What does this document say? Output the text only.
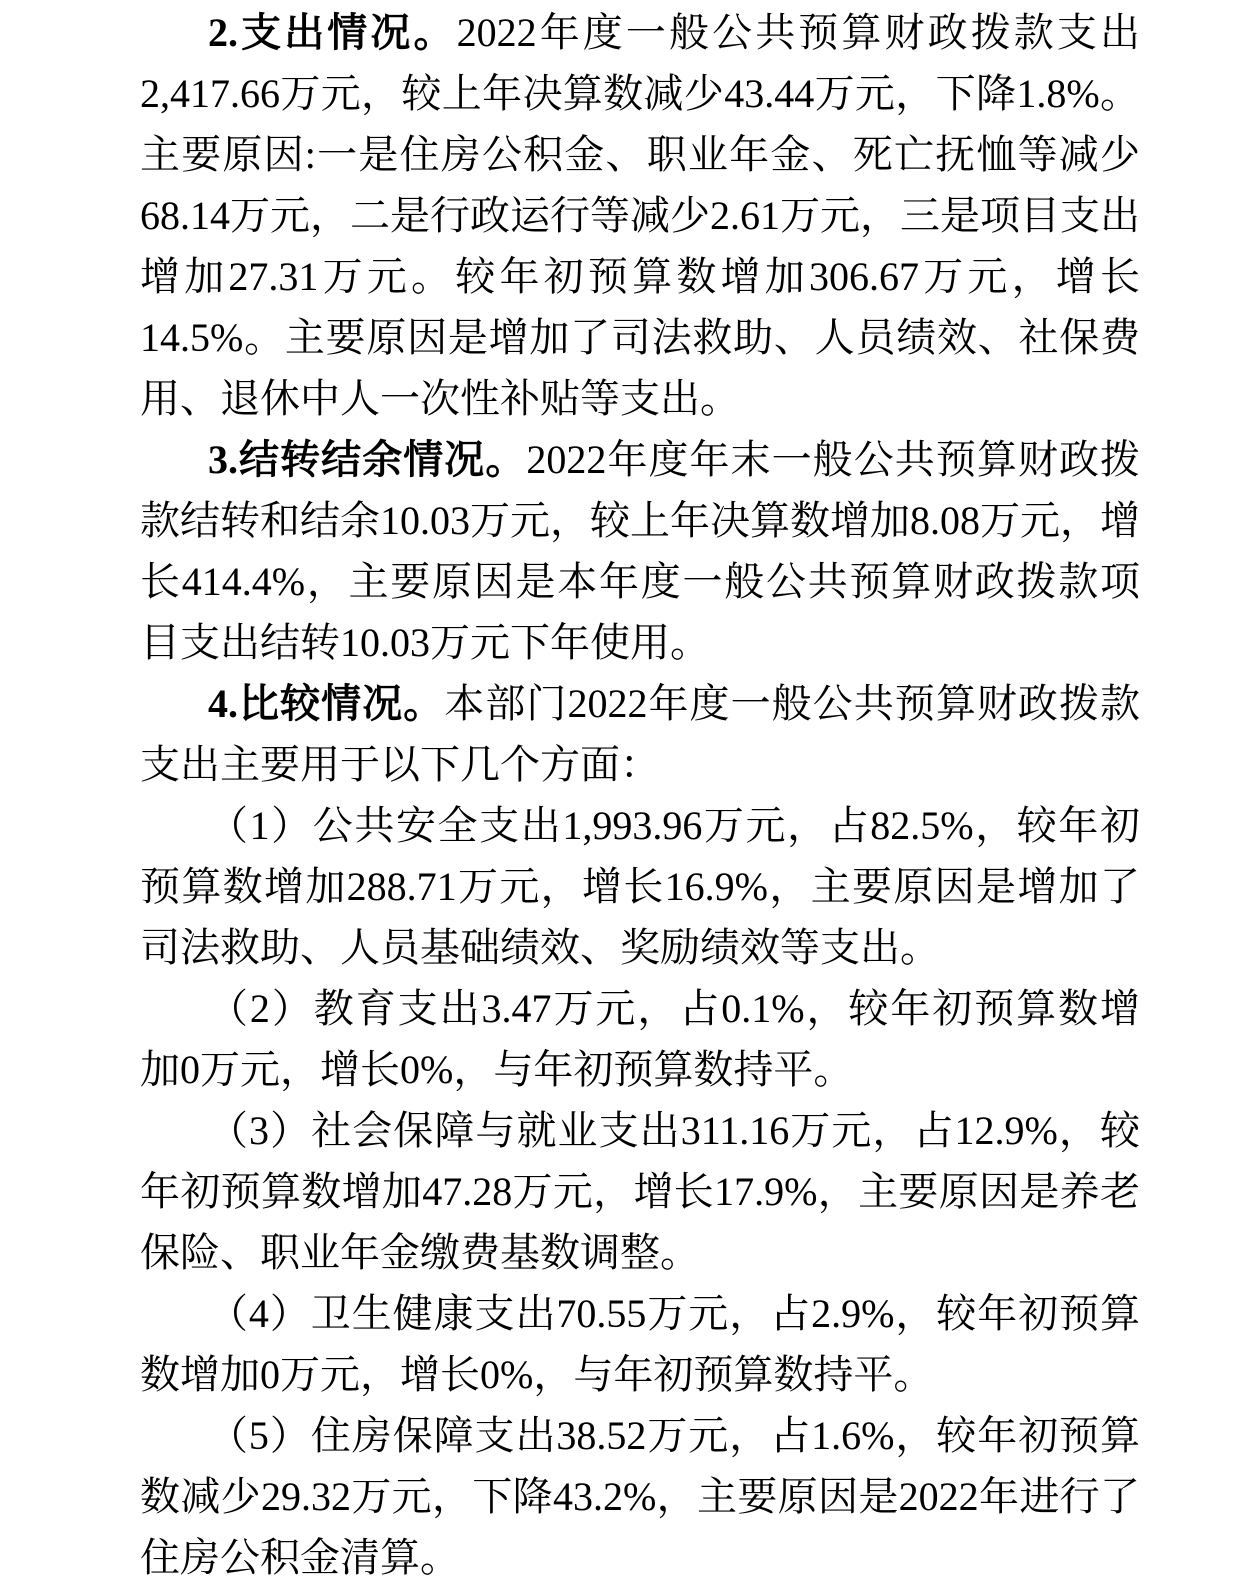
2.支出情况。2022年度一般公共预算财政拨款支出2,417.66万元，较上年决算数减少43.44万元，下降1.8%。主要原因:一是住房公积金、职业年金、死亡抚恤等减少68.14万元，二是行政运行等减少2.61万元，三是项目支出增加27.31万元。较年初预算数增加306.67万元，增长14.5%。主要原因是增加了司法救助、人员绩效、社保费用、退休中人一次性补贴等支出。

3.结转结余情况。2022年度年末一般公共预算财政拨款结转和结余10.03万元，较上年决算数增加8.08万元，增长414.4%，主要原因是本年度一般公共预算财政拨款项目支出结转10.03万元下年使用。

4.比较情况。本部门2022年度一般公共预算财政拨款支出主要用于以下几个方面：

（1）公共安全支出1,993.96万元，占82.5%，较年初预算数增加288.71万元，增长16.9%，主要原因是增加了司法救助、人员基础绩效、奖励绩效等支出。

（2）教育支出3.47万元，占0.1%，较年初预算数增加0万元，增长0%，与年初预算数持平。

（3）社会保障与就业支出311.16万元，占12.9%，较年初预算数增加47.28万元，增长17.9%，主要原因是养老保险、职业年金缴费基数调整。

（4）卫生健康支出70.55万元，占2.9%，较年初预算数增加0万元，增长0%，与年初预算数持平。

（5）住房保障支出38.52万元，占1.6%，较年初预算数减少29.32万元，下降43.2%，主要原因是2022年进行了住房公积金清算。
